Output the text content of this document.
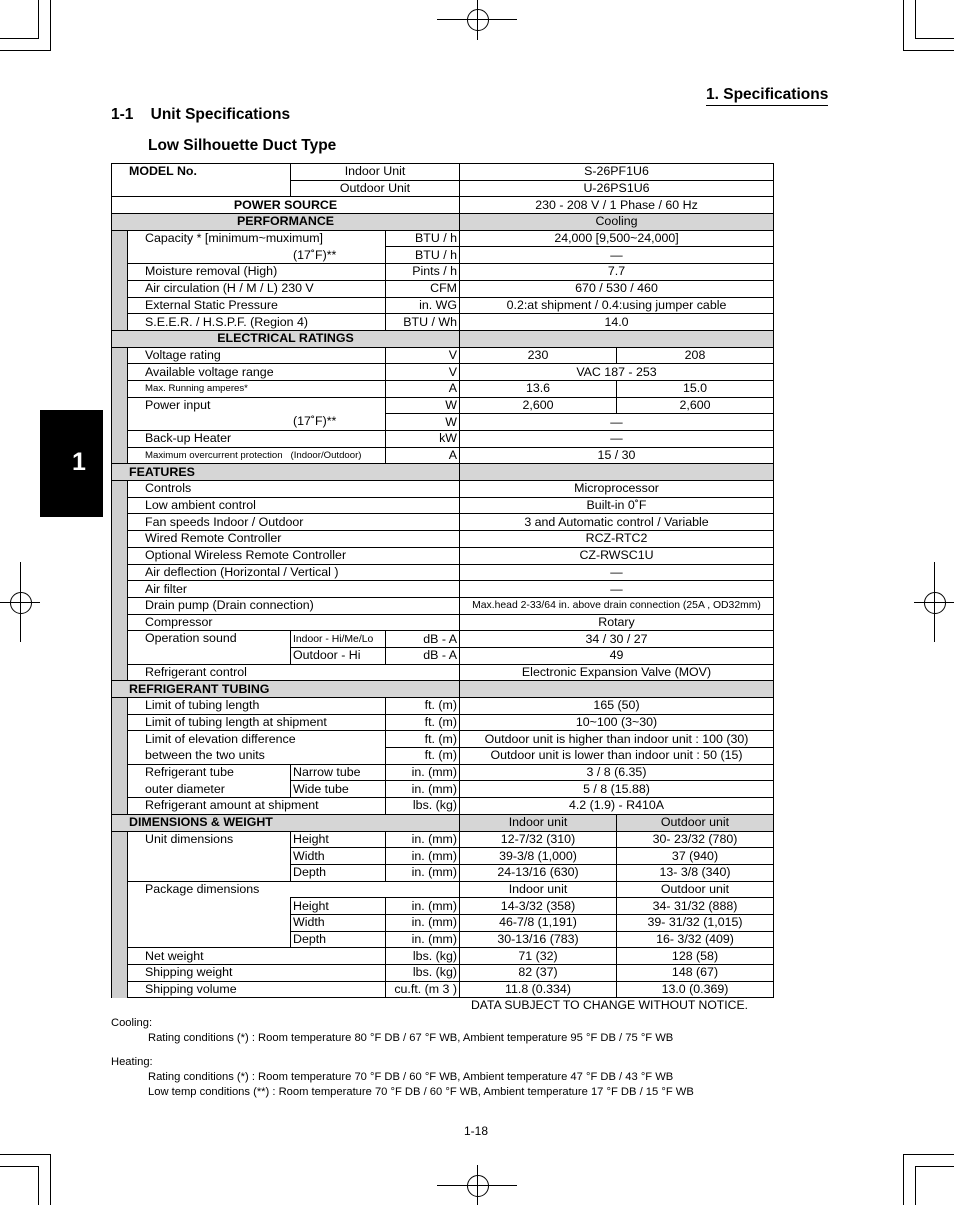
1. Specifications
1-1    Unit Specifications
Low Silhouette Duct Type
1
MODEL No.		Indoor Unit		S-26PF1U6	
		Outdoor Unit		U-26PS1U6	
POWER SOURCE				230 - 208 V / 1 Phase / 60 Hz	
PERFORMANCE				Cooling	
	Capacity * [minimum~muximum]		BTU / h	24,000 [9,500~24,000]	
	(17˚F)**		BTU / h	—	
	Moisture removal (High)		Pints / h	7.7	
	Air circulation (H / M / L) 230 V		CFM	670 / 530 / 460	
	External Static Pressure		in. WG	0.2:at shipment / 0.4:using jumper cable	
	S.E.E.R. / H.S.P.F. (Region 4)		BTU / Wh	14.0	
ELECTRICAL RATINGS					
	Voltage rating		V	230	208
	Available voltage range		V	VAC 187 - 253	
	Max. Running amperes*		A	13.6	15.0
	Power input		W	2,600	2,600
	(17˚F)**		W	—	
	Back-up Heater		kW	—	
	Maximum overcurrent protection   (Indoor/Outdoor)		A	15 / 30	
FEATURES					
	Controls			Microprocessor	
	Low ambient control			Built-in 0˚F	
	Fan speeds Indoor / Outdoor			3 and Automatic control / Variable	
	Wired Remote Controller			RCZ-RTC2	
	Optional Wireless Remote Controller			CZ-RWSC1U	
	Air deflection (Horizontal / Vertical )			—	
	Air filter			—	
	Drain pump (Drain connection)			Max.head 2-33/64 in. above drain connection (25A , OD32mm)	
	Compressor			Rotary	
	Operation sound	Indoor - Hi/Me/Lo	dB - A	34 / 30 / 27	
		Outdoor - Hi	dB - A	49	
	Refrigerant control			Electronic Expansion Valve (MOV)	
REFRIGERANT TUBING					
	Limit of tubing length		ft. (m)	165 (50)	
	Limit of tubing length at shipment		ft. (m)	10~100 (3~30)	
	Limit of elevation difference		ft. (m)	Outdoor unit is higher than indoor unit : 100 (30)	
	between the two units		ft. (m)	Outdoor unit is lower than indoor unit : 50 (15)	
	Refrigerant tube	Narrow tube	in. (mm)	3 / 8 (6.35)	
	outer diameter	Wide tube	in. (mm)	5 / 8 (15.88)	
	Refrigerant amount at shipment		lbs. (kg)	4.2 (1.9) - R410A	
DIMENSIONS & WEIGHT				Indoor unit	Outdoor unit
	Unit dimensions	Height	in. (mm)	12-7/32 (310)	30- 23/32 (780)
		Width	in. (mm)	39-3/8 (1,000)	37 (940)
		Depth	in. (mm)	24-13/16 (630)	13- 3/8 (340)
	Package dimensions			Indoor unit	Outdoor unit
		Height	in. (mm)	14-3/32 (358)	34- 31/32 (888)
		Width	in. (mm)	46-7/8 (1,191)	39- 31/32 (1,015)
		Depth	in. (mm)	30-13/16 (783)	16- 3/32 (409)
	Net weight		lbs. (kg)	71 (32)	128 (58)
	Shipping weight		lbs. (kg)	82 (37)	148 (67)
	Shipping volume		cu.ft. (m 3 )	11.8 (0.334)	13.0 (0.369)
DATA SUBJECT TO CHANGE WITHOUT NOTICE.
Cooling:
Rating conditions (*) : Room temperature 80 °F DB / 67 °F WB, Ambient temperature 95 °F DB / 75 °F WB
Heating:
Rating conditions (*) : Room temperature 70 °F DB / 60 °F WB, Ambient temperature 47 °F DB / 43 °F WB
Low temp conditions (**) : Room temperature 70 °F DB / 60 °F WB, Ambient temperature 17 °F DB / 15 °F WB
1-18
